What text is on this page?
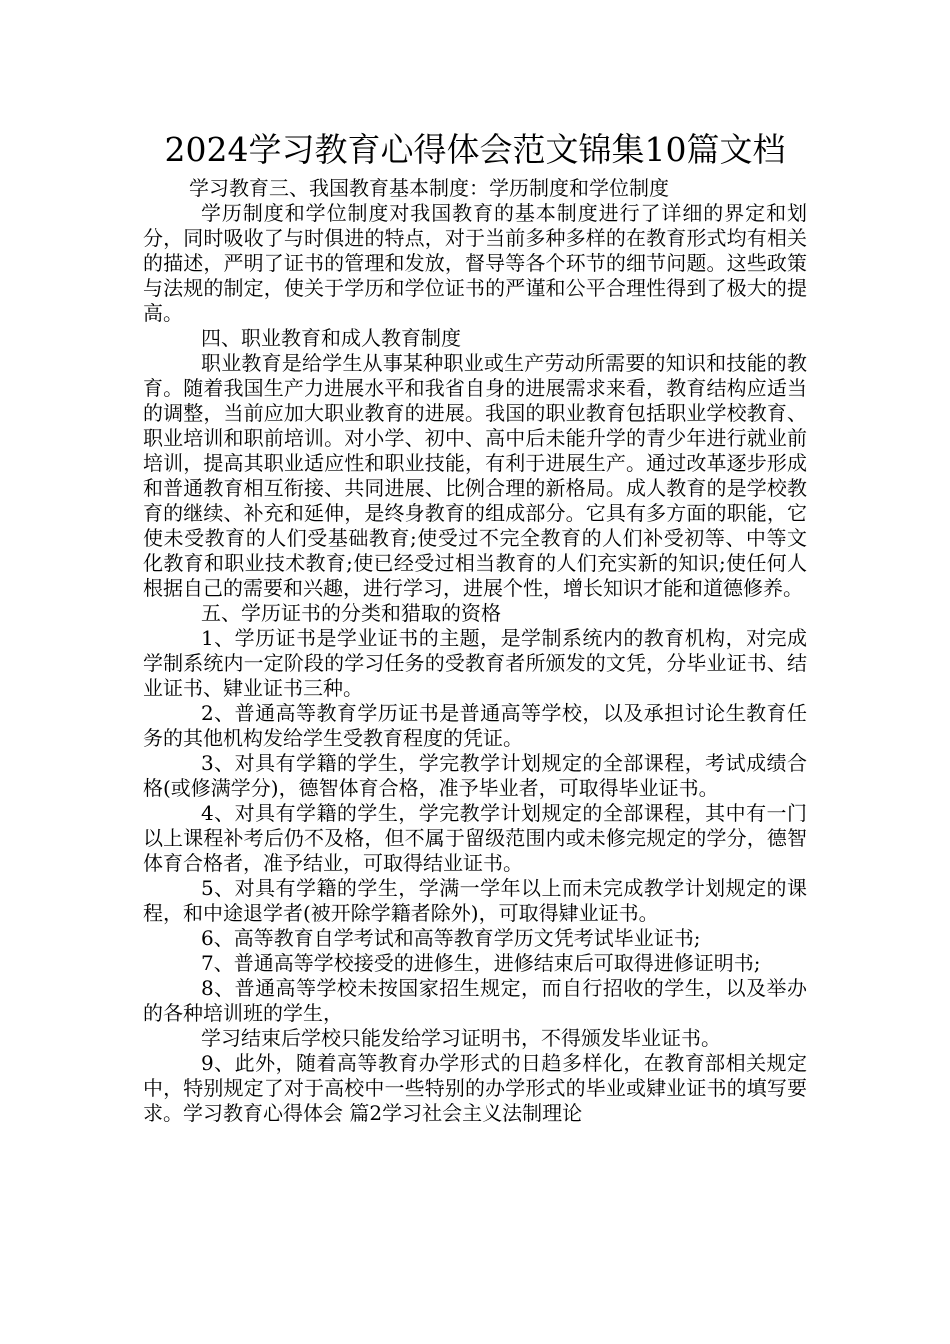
2024学习教育心得体会范文锦集10篇文档

学习教育三、我国教育基本制度：学历制度和学位制度

学历制度和学位制度对我国教育的基本制度进行了详细的界定和划分，同时吸收了与时俱进的特点，对于当前多种多样的在教育形式均有相关的描述，严明了证书的管理和发放，督导等各个环节的细节问题。这些政策与法规的制定，使关于学历和学位证书的严谨和公平合理性得到了极大的提高。

四、职业教育和成人教育制度

职业教育是给学生从事某种职业或生产劳动所需要的知识和技能的教育。随着我国生产力进展水平和我省自身的进展需求来看，教育结构应适当的调整，当前应加大职业教育的进展。我国的职业教育包括职业学校教育、职业培训和职前培训。对小学、初中、高中后未能升学的青少年进行就业前培训，提高其职业适应性和职业技能，有利于进展生产。通过改革逐步形成和普通教育相互衔接、共同进展、比例合理的新格局。成人教育的是学校教育的继续、补充和延伸，是终身教育的组成部分。它具有多方面的职能，它使未受教育的人们受基础教育;使受过不完全教育的人们补受初等、中等文化教育和职业技术教育;使已经受过相当教育的人们充实新的知识;使任何人根据自己的需要和兴趣，进行学习，进展个性，增长知识才能和道德修养。

五、学历证书的分类和猎取的资格

1、学历证书是学业证书的主题，是学制系统内的教育机构，对完成学制系统内一定阶段的学习任务的受教育者所颁发的文凭，分毕业证书、结业证书、肄业证书三种。

2、普通高等教育学历证书是普通高等学校，以及承担讨论生教育任务的其他机构发给学生受教育程度的凭证。

3、对具有学籍的学生，学完教学计划规定的全部课程，考试成绩合格(或修满学分)，德智体育合格，准予毕业者，可取得毕业证书。

4、对具有学籍的学生，学完教学计划规定的全部课程，其中有一门以上课程补考后仍不及格，但不属于留级范围内或未修完规定的学分，德智体育合格者，准予结业，可取得结业证书。

5、对具有学籍的学生，学满一学年以上而未完成教学计划规定的课程，和中途退学者(被开除学籍者除外)，可取得肄业证书。

6、高等教育自学考试和高等教育学历文凭考试毕业证书;

7、普通高等学校接受的进修生，进修结束后可取得进修证明书;

8、普通高等学校未按国家招生规定，而自行招收的学生，以及举办的各种培训班的学生，

学习结束后学校只能发给学习证明书，不得颁发毕业证书。

9、此外，随着高等教育办学形式的日趋多样化，在教育部相关规定中，特别规定了对于高校中一些特别的办学形式的毕业或肄业证书的填写要求。学习教育心得体会 篇2学习社会主义法制理论
